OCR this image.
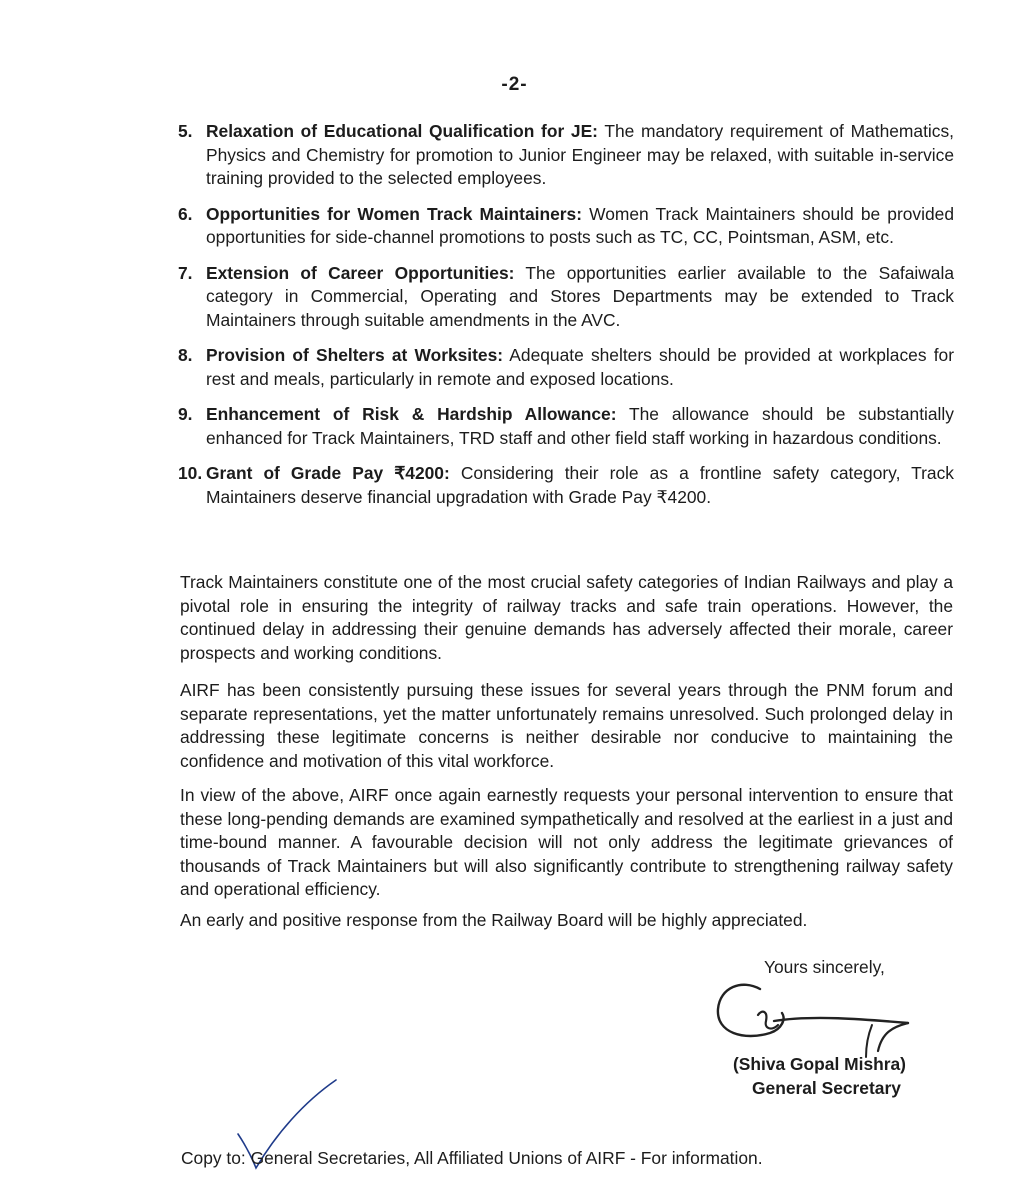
-2-
5. Relaxation of Educational Qualification for JE: The mandatory requirement of Mathematics, Physics and Chemistry for promotion to Junior Engineer may be relaxed, with suitable in-service training provided to the selected employees.
6. Opportunities for Women Track Maintainers: Women Track Maintainers should be provided opportunities for side-channel promotions to posts such as TC, CC, Pointsman, ASM, etc.
7. Extension of Career Opportunities: The opportunities earlier available to the Safaiwala category in Commercial, Operating and Stores Departments may be extended to Track Maintainers through suitable amendments in the AVC.
8. Provision of Shelters at Worksites: Adequate shelters should be provided at workplaces for rest and meals, particularly in remote and exposed locations.
9. Enhancement of Risk & Hardship Allowance: The allowance should be substantially enhanced for Track Maintainers, TRD staff and other field staff working in hazardous conditions.
10. Grant of Grade Pay ₹4200: Considering their role as a frontline safety category, Track Maintainers deserve financial upgradation with Grade Pay ₹4200.
Track Maintainers constitute one of the most crucial safety categories of Indian Railways and play a pivotal role in ensuring the integrity of railway tracks and safe train operations. However, the continued delay in addressing their genuine demands has adversely affected their morale, career prospects and working conditions.
AIRF has been consistently pursuing these issues for several years through the PNM forum and separate representations, yet the matter unfortunately remains unresolved. Such prolonged delay in addressing these legitimate concerns is neither desirable nor conducive to maintaining the confidence and motivation of this vital workforce.
In view of the above, AIRF once again earnestly requests your personal intervention to ensure that these long-pending demands are examined sympathetically and resolved at the earliest in a just and time-bound manner. A favourable decision will not only address the legitimate grievances of thousands of Track Maintainers but will also significantly contribute to strengthening railway safety and operational efficiency.
An early and positive response from the Railway Board will be highly appreciated.
Yours sincerely,
(Shiva Gopal Mishra)
General Secretary
Copy to: General Secretaries, All Affiliated Unions of AIRF - For information.
